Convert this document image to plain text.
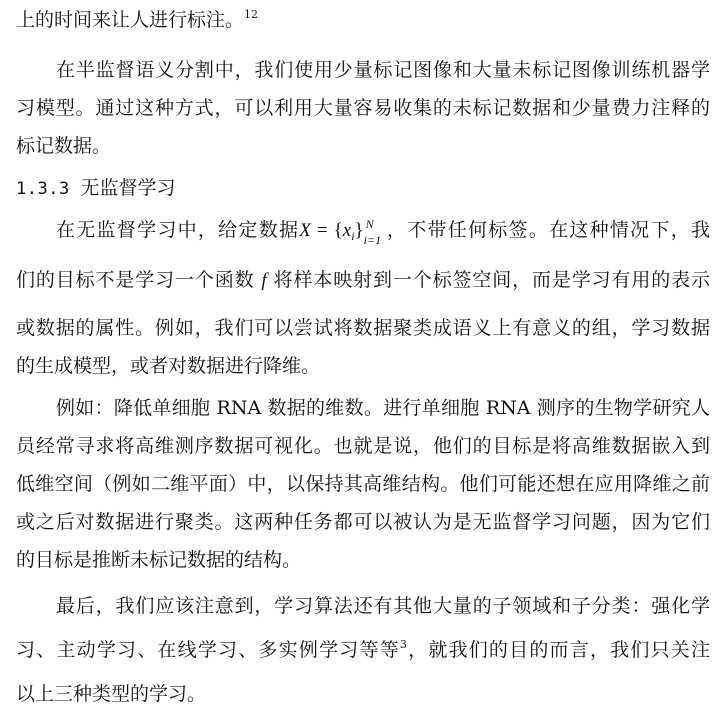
上的时间来让人进行标注。$^{12}$
在半监督语义分割中，我们使用少量标记图像和大量未标记图像训练机器学
习模型。通过这种方式，可以利用大量容易收集的未标记数据和少量费力注释的
标记数据。
1.3.3 无监督学习
在无监督学习中，给定数据$X = \{x_i\}$ N
i=1 ，不带任何标签。在这种情况下，我
们的目标不是学习一个函数 f 将样本映射到一个标签空间，而是学习有用的表示
或数据的属性。例如，我们可以尝试将数据聚类成语义上有意义的组，学习数据
的生成模型，或者对数据进行降维。
例如：降低单细胞 RNA 数据的维数。进行单细胞 RNA 测序的生物学研究人
员经常寻求将高维测序数据可视化。也就是说，他们的目标是将高维数据嵌入到
低维空间（例如二维平面）中，以保持其高维结构。他们可能还想在应用降维之前
或之后对数据进行聚类。这两种任务都可以被认为是无监督学习问题，因为它们
的目标是推断未标记数据的结构。
最后，我们应该注意到，学习算法还有其他大量的子领域和子分类：强化学
习、主动学习、在线学习、多实例学习等等$^3$，就我们的目的而言，我们只关注
以上三种类型的学习。
